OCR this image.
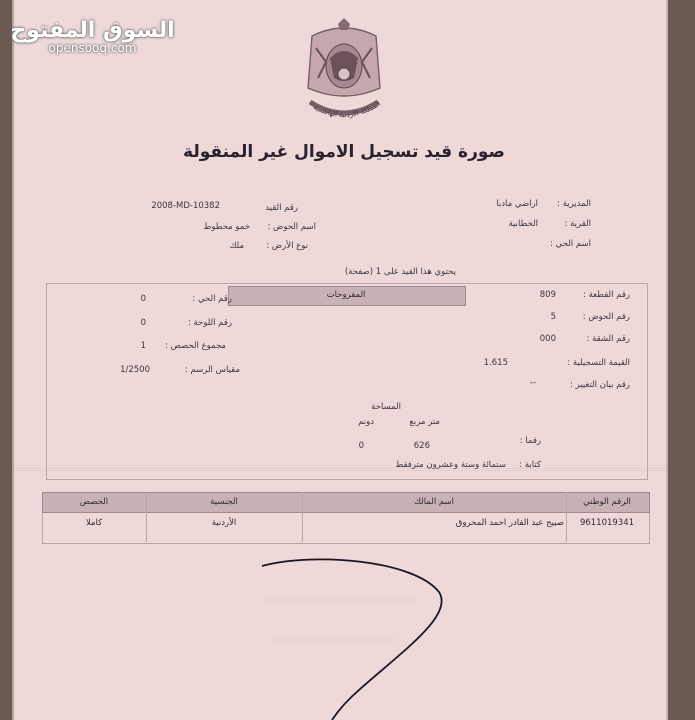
المملكة الأردنية الهاشمية
صورة قيد تسجيل الاموال غير المنقولة
المديرية :
اراضي مادبا
القرية :
الخطابية
اسم الحي :
رقم القيد
2008-MD-10382
اسم الحوض :
خمو محطوط
نوع الأرض :
ملك
يحتوي هذا القيد على 1 (صفحة)
المفروحات	رقم القطعة :
809
رقم الحوض :
5
رقم الشقة :
000
القيمة التسجيلية :
1.615
رقم بيان التغيير :
--
رقم الحي :
0
رقم اللوحة :
0
مجموع الحصص :
1
مقياس الرسم :
1/2500
المساحة
متر مربع
دونم
رقما :
626
0
كتابة :
ستمائة وستة وعشرون مترفقط
الرقم الوطني
اسم المالك
الجنسية
الحصص
9611019341
صبيح عبد القادر احمد المحروق
الأردنية
كاملا
السوق المفتوح
opensooq.com
